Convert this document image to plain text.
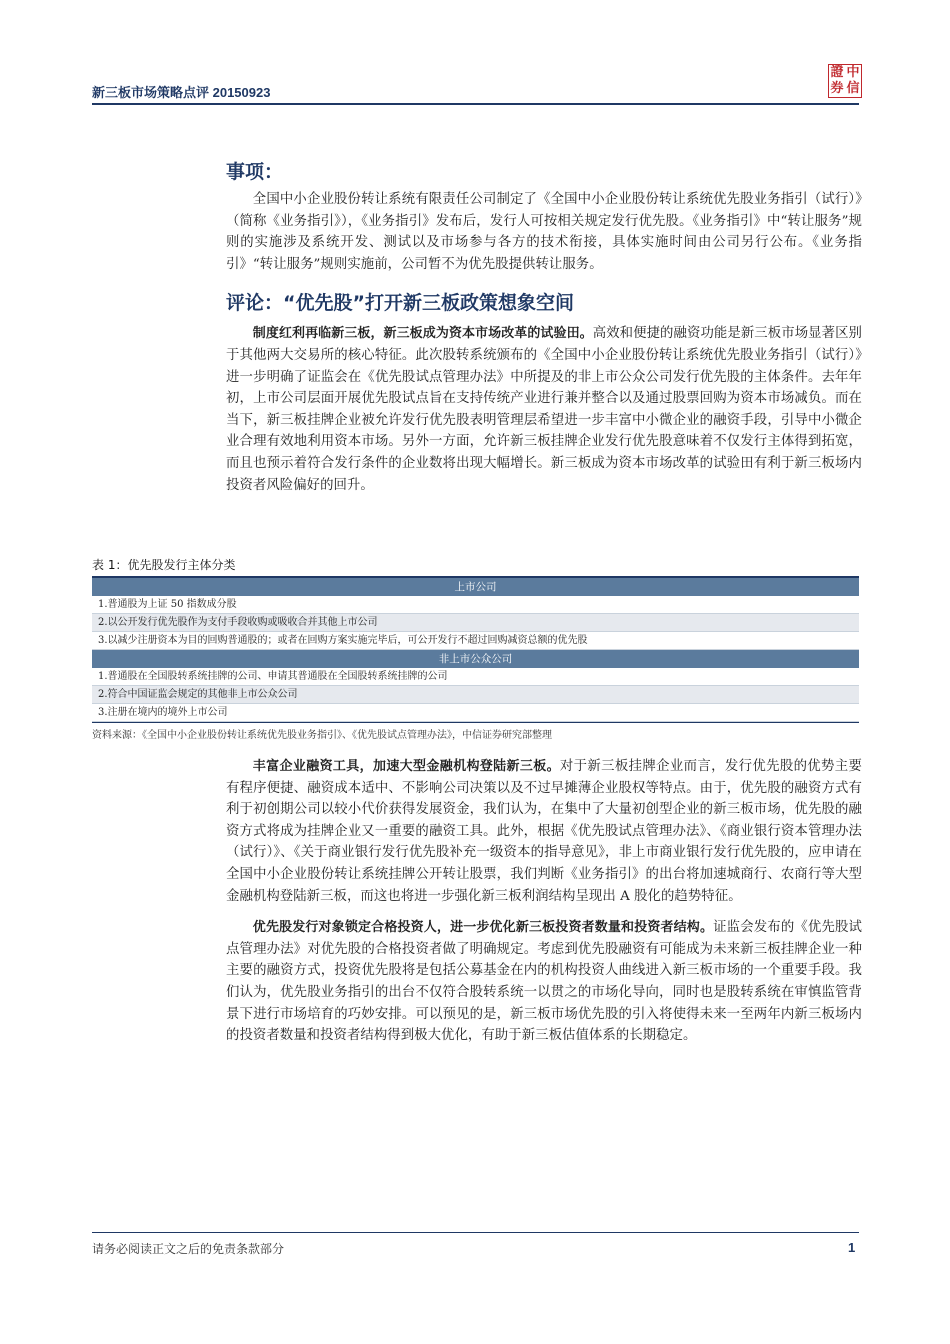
新三板市场策略点评 20150923
證 中
券 信
事项：

全国中小企业股份转让系统有限责任公司制定了《全国中小企业股份转让系统优先股业务指引（试行）》（简称《业务指引》），《业务指引》发布后，发行人可按相关规定发行优先股。《业务指引》中“转让服务”规则的实施涉及系统开发、测试以及市场参与各方的技术衔接，具体实施时间由公司另行公布。《业务指引》“转让服务”规则实施前，公司暂不为优先股提供转让服务。

评论：“优先股”打开新三板政策想象空间

制度红利再临新三板，新三板成为资本市场改革的试验田。高效和便捷的融资功能是新三板市场显著区别于其他两大交易所的核心特征。此次股转系统颁布的《全国中小企业股份转让系统优先股业务指引（试行）》进一步明确了证监会在《优先股试点管理办法》中所提及的非上市公众公司发行优先股的主体条件。去年年初，上市公司层面开展优先股试点旨在支持传统产业进行兼并整合以及通过股票回购为资本市场减负。而在当下，新三板挂牌企业被允许发行优先股表明管理层希望进一步丰富中小微企业的融资手段，引导中小微企业合理有效地利用资本市场。另外一方面，允许新三板挂牌企业发行优先股意味着不仅发行主体得到拓宽，而且也预示着符合发行条件的企业数将出现大幅增长。新三板成为资本市场改革的试验田有利于新三板场内投资者风险偏好的回升。

表 1：优先股发行主体分类
上市公司
1.普通股为上证 50 指数成分股
2.以公开发行优先股作为支付手段收购或吸收合并其他上市公司
3.以减少注册资本为目的回购普通股的；或者在回购方案实施完毕后，可公开发行不超过回购减资总额的优先股
非上市公众公司
1.普通股在全国股转系统挂牌的公司、申请其普通股在全国股转系统挂牌的公司
2.符合中国证监会规定的其他非上市公众公司
3.注册在境内的境外上市公司
资料来源：《全国中小企业股份转让系统优先股业务指引》、《优先股试点管理办法》，中信证券研究部整理

丰富企业融资工具，加速大型金融机构登陆新三板。对于新三板挂牌企业而言，发行优先股的优势主要有程序便捷、融资成本适中、不影响公司决策以及不过早摊薄企业股权等特点。由于，优先股的融资方式有利于初创期公司以较小代价获得发展资金，我们认为，在集中了大量初创型企业的新三板市场，优先股的融资方式将成为挂牌企业又一重要的融资工具。此外，根据《优先股试点管理办法》、《商业银行资本管理办法（试行）》、《关于商业银行发行优先股补充一级资本的指导意见》，非上市商业银行发行优先股的，应申请在全国中小企业股份转让系统挂牌公开转让股票，我们判断《业务指引》的出台将加速城商行、农商行等大型金融机构登陆新三板，而这也将进一步强化新三板利润结构呈现出 A 股化的趋势特征。

优先股发行对象锁定合格投资人，进一步优化新三板投资者数量和投资者结构。证监会发布的《优先股试点管理办法》对优先股的合格投资者做了明确规定。考虑到优先股融资有可能成为未来新三板挂牌企业一种主要的融资方式，投资优先股将是包括公募基金在内的机构投资人曲线进入新三板市场的一个重要手段。我们认为，优先股业务指引的出台不仅符合股转系统一以贯之的市场化导向，同时也是股转系统在审慎监管背景下进行市场培育的巧妙安排。可以预见的是，新三板市场优先股的引入将使得未来一至两年内新三板场内的投资者数量和投资者结构得到极大优化，有助于新三板估值体系的长期稳定。

请务必阅读正文之后的免责条款部分	1
